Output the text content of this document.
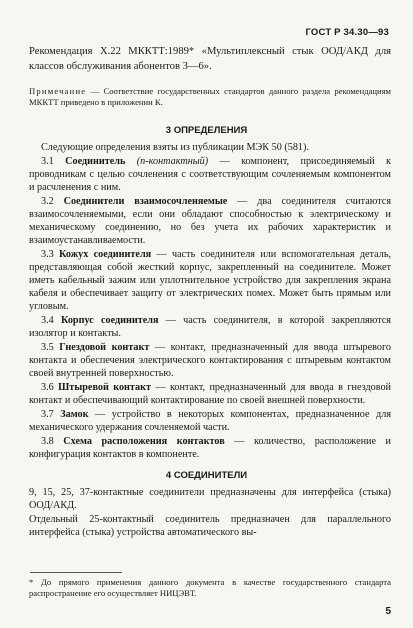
ГОСТ Р 34.30—93
Рекомендация Х.22 МККТТ:1989* «Мультиплексный стык ООД/АКД для классов обслуживания абонентов 3—6».
Примечание — Соответствие государственных стандартов данного раздела рекомендациям МККТТ приведено в приложении К.
3 ОПРЕДЕЛЕНИЯ
Следующие определения взяты из публикации МЭК 50 (581).
3.1 Соединитель (n-контактный) — компонент, присоединяемый к проводникам с целью сочленения с соответствующим сочленяемым компонентом и расчленения с ним.
3.2 Соединители взаимосочленяемые — два соединителя считаются взаимосочленяемыми, если они обладают способностью к электрическому и механическому соединению, но без учета их рабочих характеристик и взаимоустанавливаемости.
3.3 Кожух соединителя — часть соединителя или вспомогательная деталь, представляющая собой жесткий корпус, закрепленный на соединителе. Может иметь кабельный зажим или уплотнительное устройство для закрепления экрана кабеля и обеспечивает защиту от электрических помех. Может быть прямым или угловым.
3.4 Корпус соединителя — часть соединителя, в которой закрепляются изолятор и контакты.
3.5 Гнездовой контакт — контакт, предназначенный для ввода штыревого контакта и обеспечения электрического контактирования с штыревым контактом своей внутренней поверхностью.
3.6 Штыревой контакт — контакт, предназначенный для ввода в гнездовой контакт и обеспечивающий контактирование по своей внешней поверхности.
3.7 Замок — устройство в некоторых компонентах, предназначенное для механического удержания сочленяемой части.
3.8 Схема расположения контактов — количество, расположение и конфигурация контактов в компоненте.
* До прямого применения данного документа в качестве государственного стандарта распространение его осуществляет НИЦЭВТ.
5
4 СОЕДИНИТЕЛИ
9, 15, 25, 37-контактные соединители предназначены для интерфейса (стыка) ООД/АКД.
Отдельный 25-контактный соединитель предназначен для параллельного интерфейса (стыка) устройства автоматического вы-
